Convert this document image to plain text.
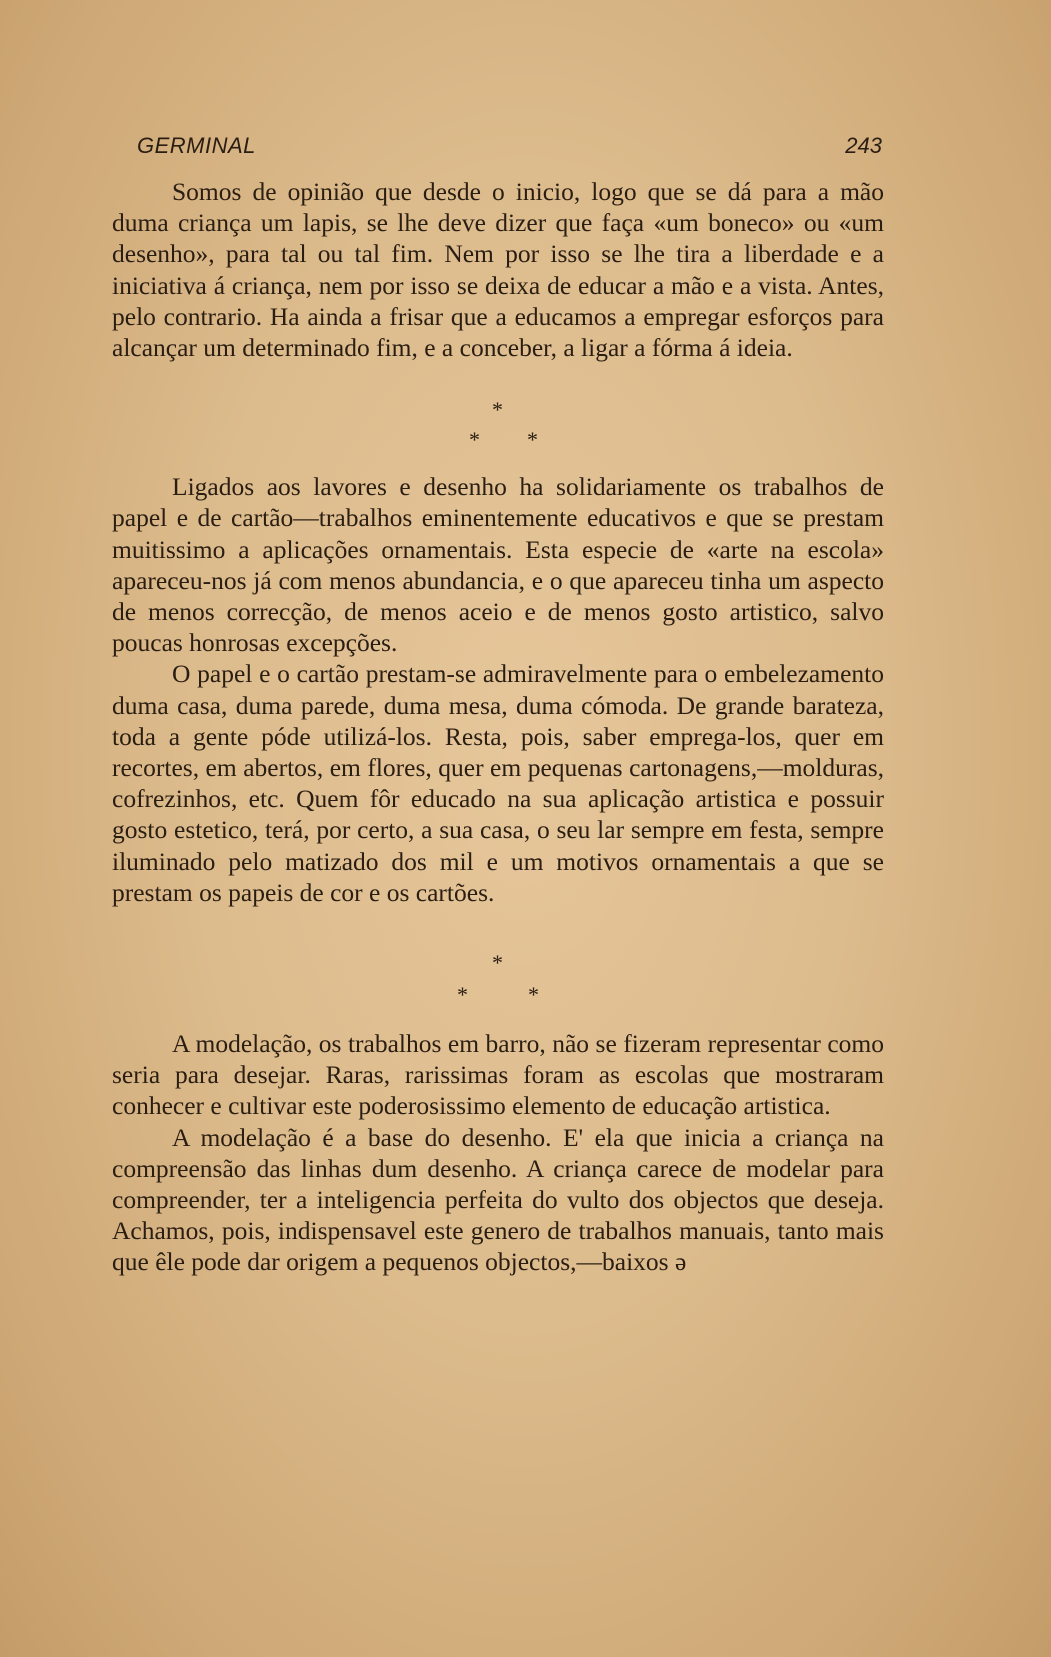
GERMINAL	243

Somos de opinião que desde o inicio, logo que se dá para a mão duma criança um lapis, se lhe deve dizer que faça «um boneco» ou «um desenho», para tal ou tal fim. Nem por isso se lhe tira a liberdade e a iniciativa á criança, nem por isso se deixa de educar a mão e a vista. Antes, pelo contrario. Ha ainda a frisar que a educamos a empregar esforços para alcançar um determinado fim, e a conceber, a ligar a fórma á ideia.

*
* *

Ligados aos lavores e desenho ha solidariamente os trabalhos de papel e de cartão—trabalhos eminentemente educativos e que se prestam muitissimo a aplicações ornamentais. Esta especie de «arte na escola» apareceu-nos já com menos abundancia, e o que apareceu tinha um aspecto de menos correcção, de menos aceio e de menos gosto artistico, salvo poucas honrosas excepções.

O papel e o cartão prestam-se admiravelmente para o embelezamento duma casa, duma parede, duma mesa, duma cómoda. De grande barateza, toda a gente póde utilizá-los. Resta, pois, saber emprega-los, quer em recortes, em abertos, em flores, quer em pequenas cartonagens,—molduras, cofrezinhos, etc. Quem fôr educado na sua aplicação artistica e possuir gosto estetico, terá, por certo, a sua casa, o seu lar sempre em festa, sempre iluminado pelo matizado dos mil e um motivos ornamentais a que se prestam os papeis de cor e os cartões.

*
*	*

A modelação, os trabalhos em barro, não se fizeram representar como seria para desejar. Raras, rarissimas foram as escolas que mostraram conhecer e cultivar este poderosissimo elemento de educação artistica.

A modelação é a base do desenho. E' ela que inicia a criança na compreensão das linhas dum desenho. A criança carece de modelar para compreender, ter a inteligencia perfeita do vulto dos objectos que deseja. Achamos, pois, indispensavel este genero de trabalhos manuais, tanto mais que êle pode dar origem a pequenos objectos,—baixos ə
